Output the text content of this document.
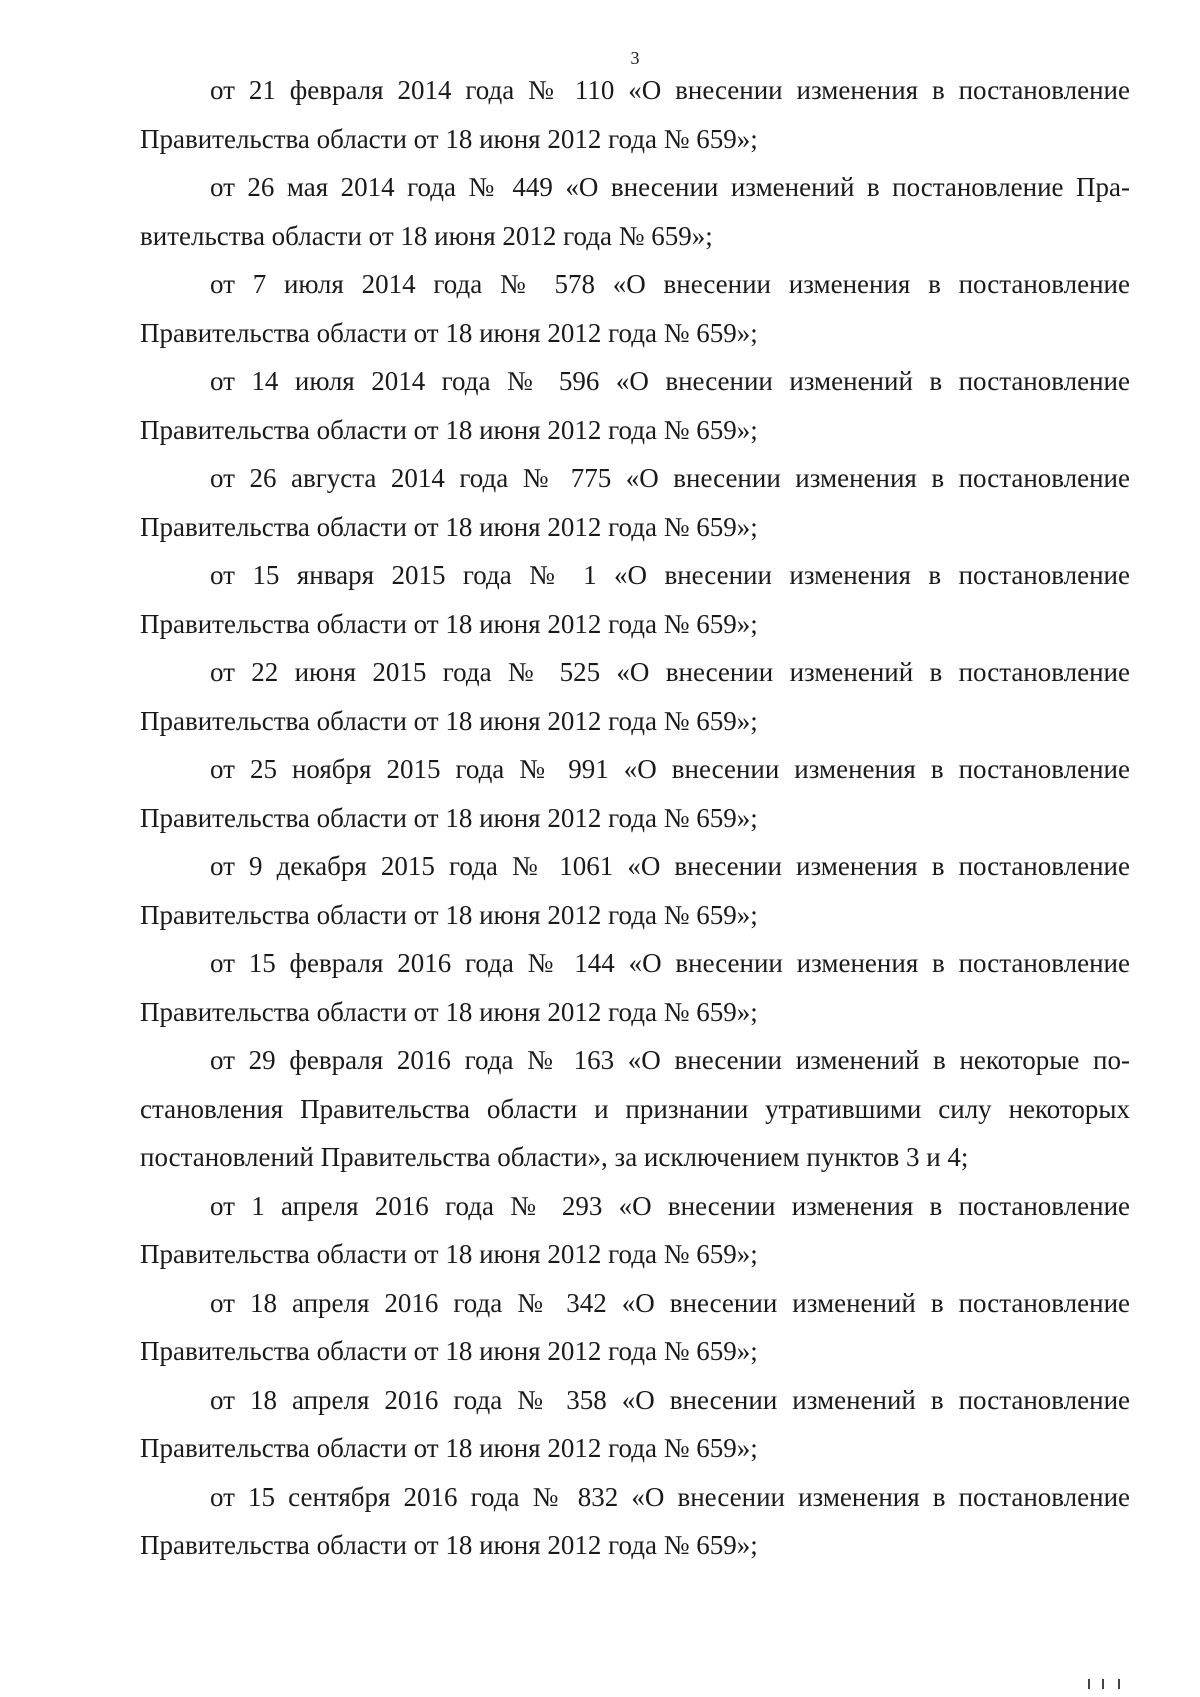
3

от 21 февраля 2014 года № 110 «О внесении изменения в постановление Правительства области от 18 июня 2012 года № 659»;

от 26 мая 2014 года № 449 «О внесении изменений в постановление Правительства области от 18 июня 2012 года № 659»;

от 7 июля 2014 года № 578 «О внесении изменения в постановление Правительства области от 18 июня 2012 года № 659»;

от 14 июля 2014 года № 596 «О внесении изменений в постановление Правительства области от 18 июня 2012 года № 659»;

от 26 августа 2014 года № 775 «О внесении изменения в постановление Правительства области от 18 июня 2012 года № 659»;

от 15 января 2015 года № 1 «О внесении изменения в постановление Правительства области от 18 июня 2012 года № 659»;

от 22 июня 2015 года № 525 «О внесении изменений в постановление Правительства области от 18 июня 2012 года № 659»;

от 25 ноября 2015 года № 991 «О внесении изменения в постановление Правительства области от 18 июня 2012 года № 659»;

от 9 декабря 2015 года № 1061 «О внесении изменения в постановление Правительства области от 18 июня 2012 года № 659»;

от 15 февраля 2016 года № 144 «О внесении изменения в постановление Правительства области от 18 июня 2012 года № 659»;

от 29 февраля 2016 года № 163 «О внесении изменений в некоторые постановления Правительства области и признании утратившими силу некоторых постановлений Правительства области», за исключением пунктов 3 и 4;

от 1 апреля 2016 года № 293 «О внесении изменения в постановление Правительства области от 18 июня 2012 года № 659»;

от 18 апреля 2016 года № 342 «О внесении изменений в постановление Правительства области от 18 июня 2012 года № 659»;

от 18 апреля 2016 года № 358 «О внесении изменений в постановление Правительства области от 18 июня 2012 года № 659»;

от 15 сентября 2016 года № 832 «О внесении изменения в постановление Правительства области от 18 июня 2012 года № 659»;
